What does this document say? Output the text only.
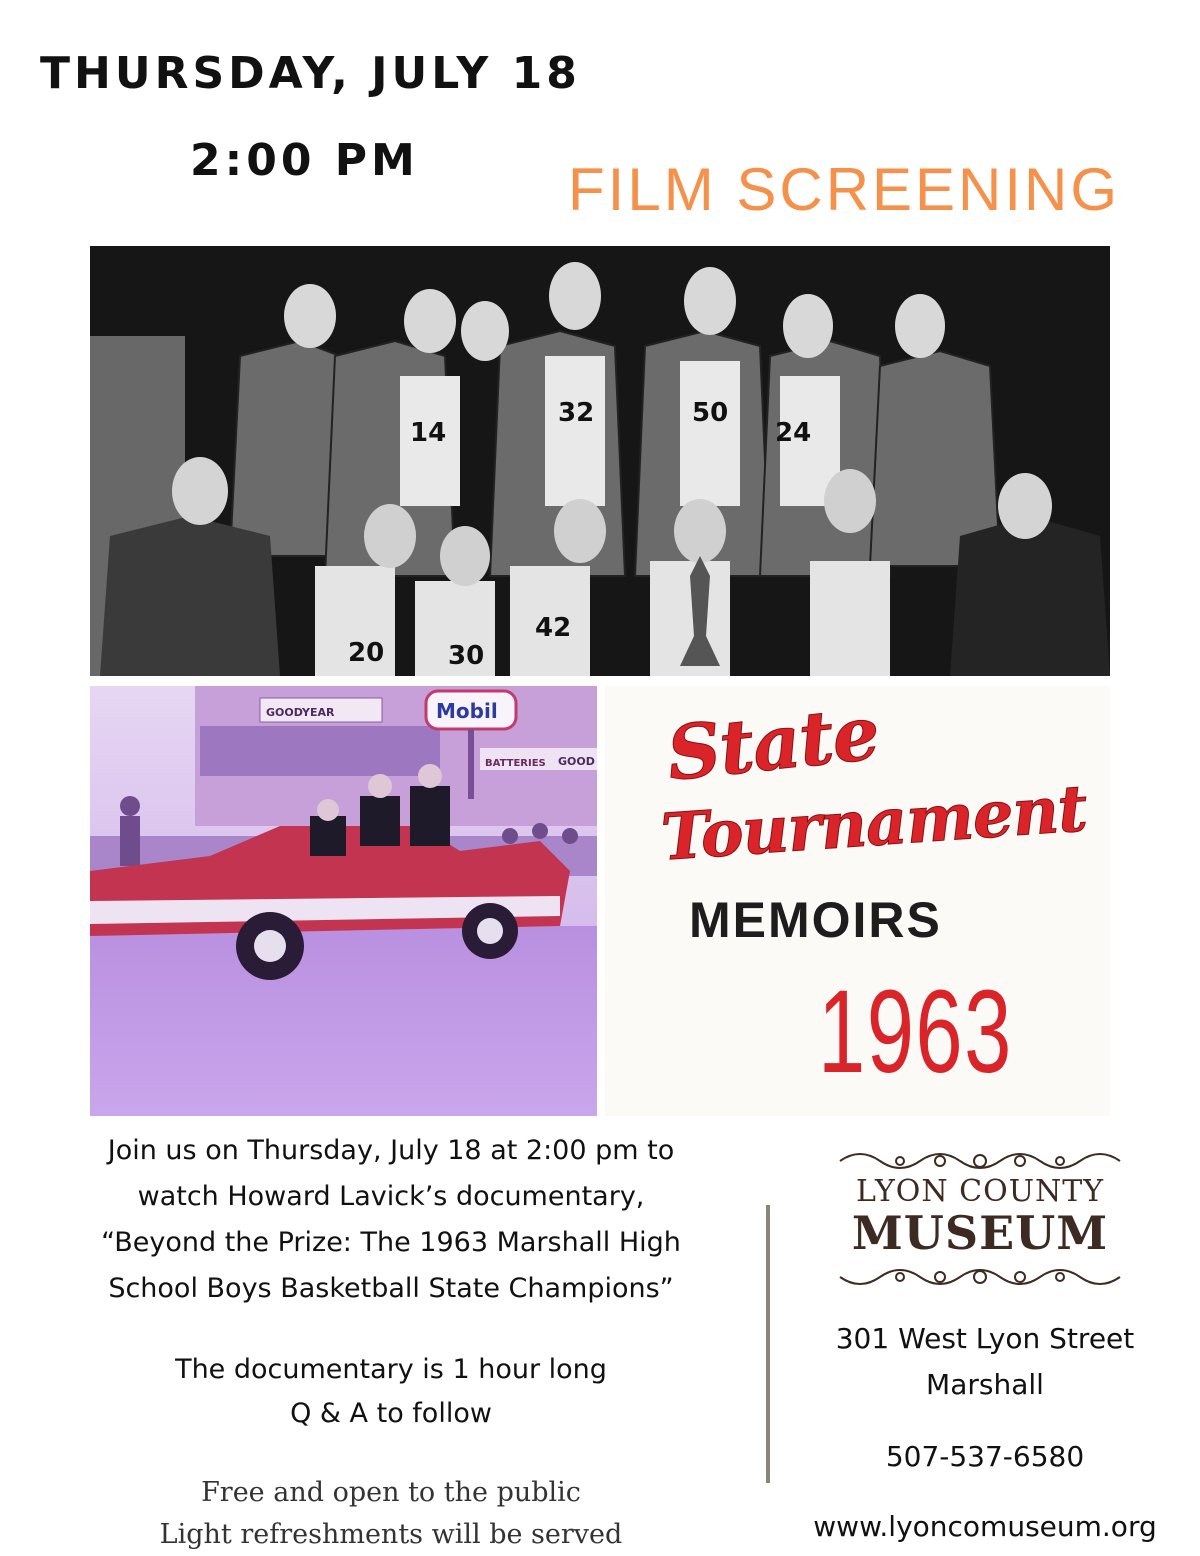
THURSDAY, JULY 18
2:00 PM FILM SCREENING
14
32	50
24
20 30
42
GOODYEAR
BATTERIES GOOD
Mobil State
Tournament
MEMOIRS
1963
Join us on Thursday, July 18 at 2:00 pm to
watch Howard Lavick’s documentary,
“Beyond the Prize: The 1963 Marshall High
School Boys Basketball State Champions”
The documentary is 1 hour long
Q & A to follow
Free and open to the public
Light refreshments will be served
LYON COUNTY
MUSEUM
301 West Lyon Street
Marshall
507-537-6580
www.lyoncomuseum.org
